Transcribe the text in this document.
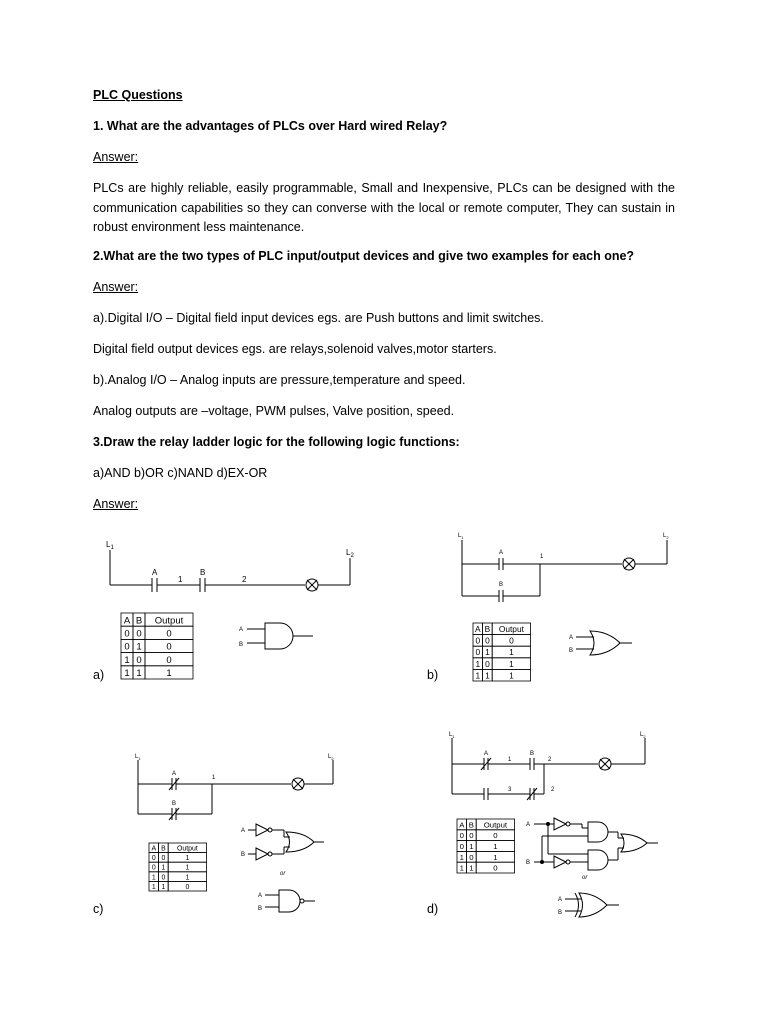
PLC Questions
1. What are the advantages of PLCs over Hard wired Relay?
Answer:
PLCs are highly reliable, easily programmable, Small and Inexpensive, PLCs can be designed with the communication capabilities so they can converse with the local or remote computer, They can sustain in robust environment less maintenance.
2.What are the two types of PLC input/output devices and give two examples for each one?
Answer:
a).Digital I/O – Digital field input devices egs. are Push buttons and limit switches.
Digital field output devices egs. are relays,solenoid valves,motor starters.
b).Analog I/O – Analog inputs are pressure,temperature and speed.
Analog outputs are –voltage, PWM pulses, Valve position, speed.
3.Draw the relay ladder logic for the following logic functions:
a)AND b)OR c)NAND d)EX-OR
Answer:
a)	b)
c)	d)
$L_1$	$L_2$
A	B
1	2
A B Output
0 0	0
0 1	0
1 0	0
1 1	1
A
B
$L_1$	$L_2$
A
B
1
A B Output
0 0 0
0 1 1
1 0 1
1 1 1
A
B
$L_1$	$L_2$
A
B
1
A B Output
0 0	1
0 1	1
1 0	1
1 1	0
A
B
or
A
B
$L_1$	$L_2$
A	B
1	2
3	2
A B Output
0 0	0
0 1	1
1 0	1
1 1	0
A
B
or
A
B
